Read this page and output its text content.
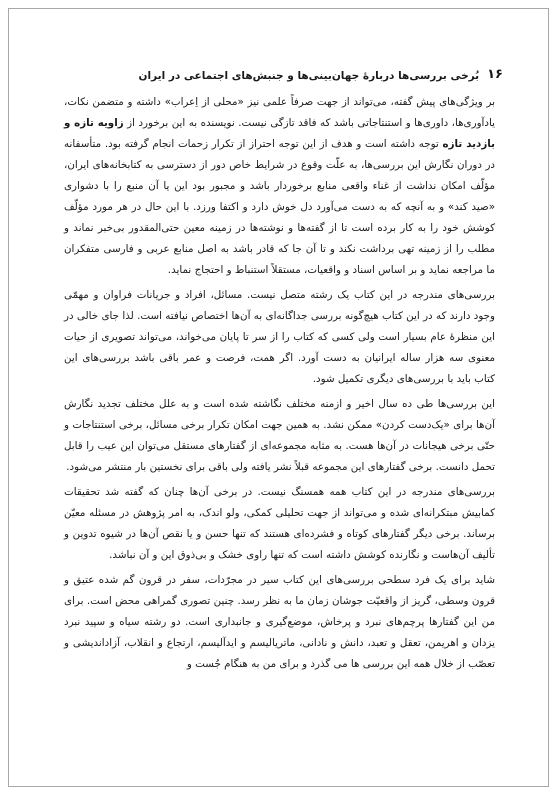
۱۶
بُرخی بررسی‌ها دربارهٔ جهان‌بینی‌ها و جنبش‌های اجتماعی در ایران

بر ویژگی‌های پیش گفته، می‌تواند از جهت صرفاً علمی نیز «محلی از اِعراب» داشته و متضمن نکات، یادآوری‌ها، داوری‌ها و استنتاجاتی باشد که فاقد تازگی نیست. نویسنده به این برخورد از زاویه تازه و بازدید تازه توجه داشته است و هدف از این توجه احتراز از تکرار زحمات انجام گرفته بود. متأسفانه در دوران نگارش این بررسی‌ها، به علّت وقوع در شرایط خاص دور از دسترسی به کتابخانه‌های ایران، مؤلّف امکان نداشت از غناء واقعی منابع برخوردار باشد و مجبور بود این یا آن منبع را با دشواری «صید کند» و به آنچه که به دست می‌آورد دل خوش دارد و اکتفا ورزد. با این حال در هر مورد مؤلّف کوشش خود را به کار برده است تا از گفته‌ها و نوشته‌ها در زمینه معین حتی‌المقدور بی‌خبر نماند و مطلب را از زمینه تهی برداشت نکند و تا آن جا که قادر باشد به اصل منابع عربی و فارسی متفکران ما مراجعه نماید و بر اساس اسناد و واقعیات، مستقلاً استنباط و احتجاج نماید.

بررسی‌های مندرجه در این کتاب یک رشته متصل نیست. مسائل، افراد و جریانات فراوان و مهمّی وجود دارند که در این کتاب هیچ‌گونه بررسی جداگانه‌ای به آن‌ها اختصاص نیافته است. لذا جای خالی در این منظرهٔ عام بسیار است ولی کسی که کتاب را از سر تا پایان می‌خواند، می‌تواند تصویری از حیات معنوی سه هزار ساله ایرانیان به دست آورد. اگر همت، فرصت و عمر باقی باشد بررسی‌های این کتاب باید با بررسی‌های دیگری تکمیل شود.

این بررسی‌ها طی ده سال اخیر و ازمنه مختلف نگاشته شده است و به علل مختلف تجدید نگارش آن‌ها برای «یک‌دست کردن» ممکن نشد. به همین جهت امکان تکرار برخی مسائل، برخی استنتاجات و حتّی برخی هیجانات در آن‌ها هست. به مثابه مجموعه‌ای از گفتارهای مستقل می‌توان این عیب را قابل تحمل دانست. برخی گفتارهای این مجموعه قبلاً نشر یافته ولی باقی برای نخستین بار منتشر می‌شود.

بررسی‌های مندرجه در این کتاب همه همسنگ نیست. در برخی آن‌ها چنان که گفته شد تحقیقات کمابیش مبتکرانه‌ای شده و می‌تواند از جهت تحلیلی کمکی، ولو اندک، به امر پژوهش در مسئله معیّن برساند. برخی دیگر گفتارهای کوتاه و فشرده‌ای هستند که تنها حسن و یا نقص آن‌ها در شیوه تدوین و تألیف آن‌هاست و نگارنده کوشش داشته است که تنها راوی خشک و بی‌ذوق این و آن نباشد.

شاید برای یک فرد سطحی بررسی‌های این کتاب سیر در مجرّدات، سفر در قرون گم شده عتیق و قرون وسطی، گریز از واقعیّت جوشان زمان ما به نظر رسد. چنین تصوری گمراهی محض است. برای من این گفتارها پرچم‌های نبرد و پرخاش، موضع‌گیری و جانبداری است. دو رشته سیاه و سپید نبرد یزدان و اهریمن، تعقل و تعبد، دانش و نادانی، ماتریالیسم و ایدآلیسم، ارتجاع و انقلاب، آزاداندیشی و تعصّب از خلال همه این بررسی ها می گذرد و برای من به هنگام جُست و
